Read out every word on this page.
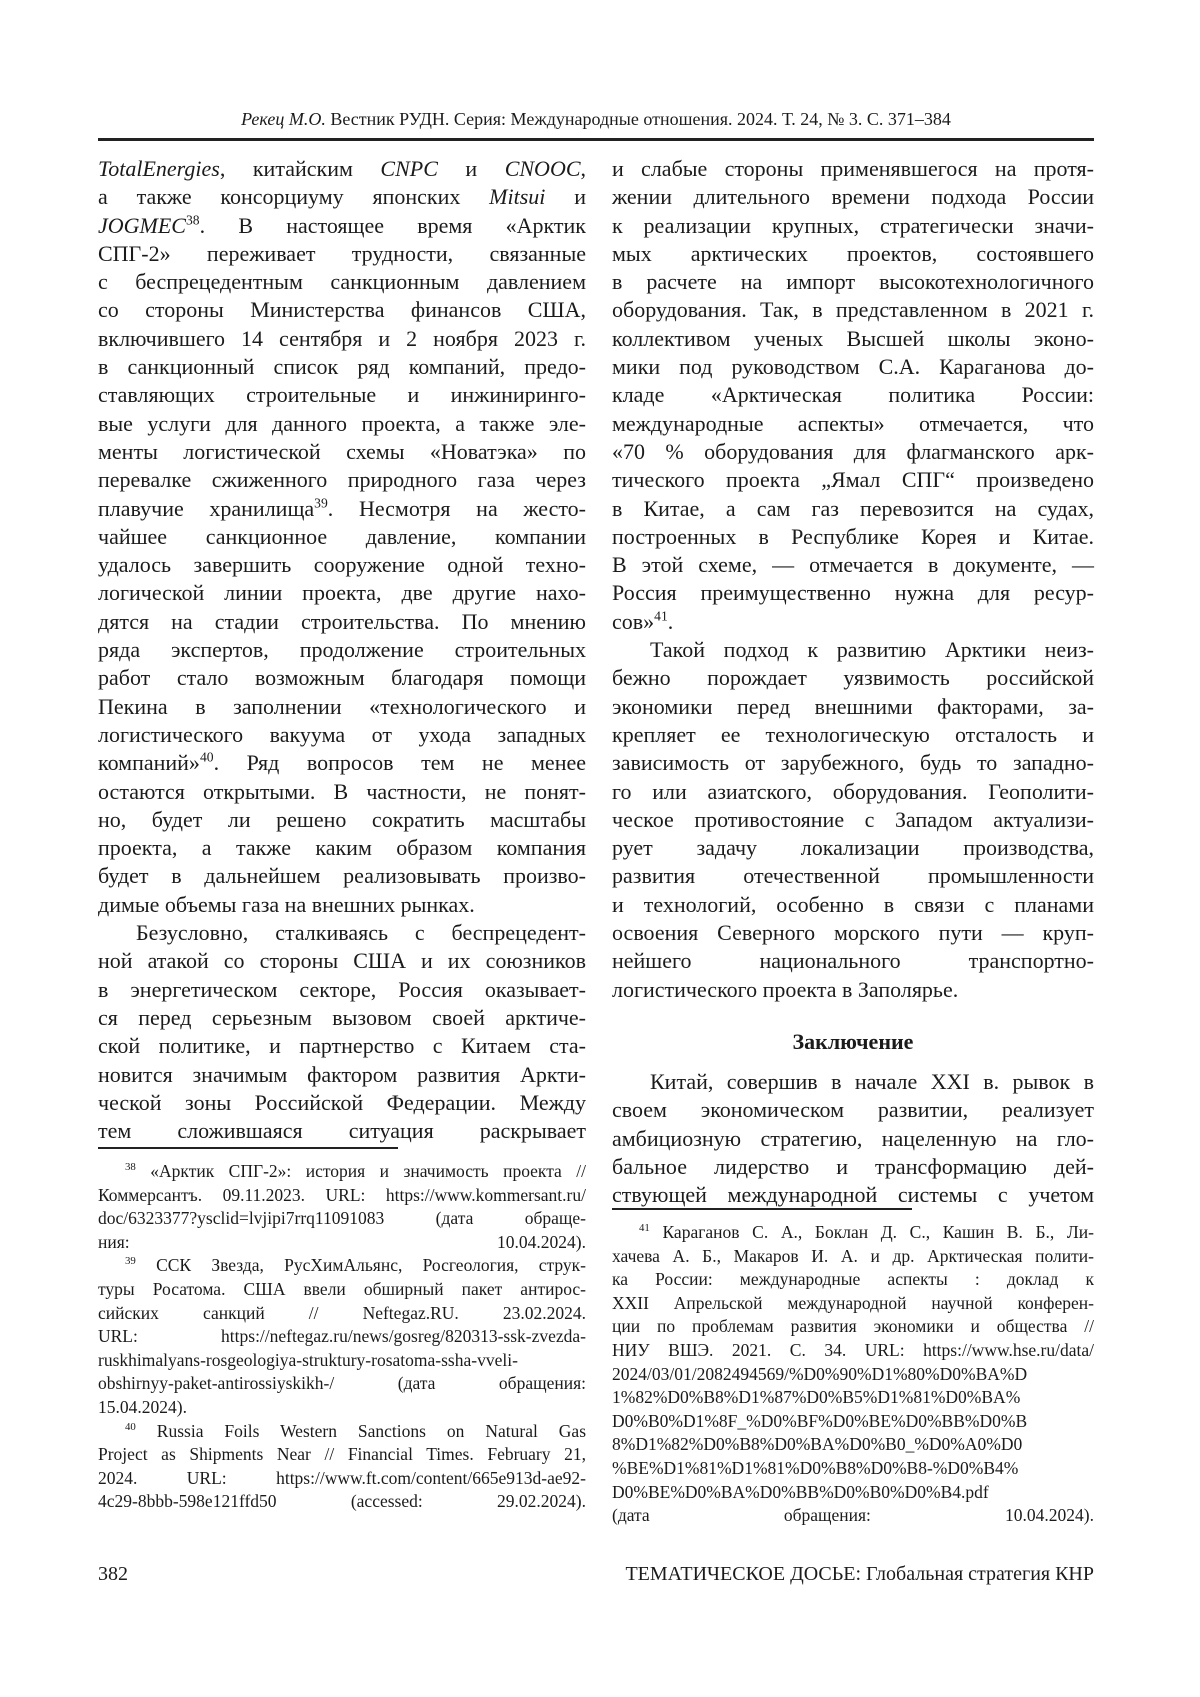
Рекец М.О. Вестник РУДН. Серия: Международные отношения. 2024. Т. 24, № 3. С. 371–384
TotalEnergies, китайским CNPC и CNOOC,
а также консорциуму японских Mitsui и
JOGMEC$^{38}$. В настоящее время «Арктик
СПГ-2» переживает трудности, связанные
с беспрецедентным санкционным давлением
со стороны Министерства финансов США,
включившего 14 сентября и 2 ноября 2023 г.
в санкционный список ряд компаний, предо-
ставляющих строительные и инжиниринго-
вые услуги для данного проекта, а также эле-
менты логистической схемы «Новатэка» по
перевалке сжиженного природного газа через
плавучие хранилища$^{39}$. Несмотря на жесто-
чайшее санкционное давление, компании
удалось завершить сооружение одной техно-
логической линии проекта, две другие нахо-
дятся на стадии строительства. По мнению
ряда экспертов, продолжение строительных
работ стало возможным благодаря помощи
Пекина в заполнении «технологического и
логистического вакуума от ухода западных
компаний»$^{40}$. Ряд вопросов тем не менее
остаются открытыми. В частности, не понят-
но, будет ли решено сократить масштабы
проекта, а также каким образом компания
будет в дальнейшем реализовывать произво-
димые объемы газа на внешних рынках.
Безусловно, сталкиваясь с беспрецедент-
ной атакой со стороны США и их союзников
в энергетическом секторе, Россия оказывает-
ся перед серьезным вызовом своей арктиче-
ской политике, и партнерство с Китаем ста-
новится значимым фактором развития Аркти-
ческой зоны Российской Федерации. Между
тем сложившаяся ситуация раскрывает
и слабые стороны применявшегося на протя-
жении длительного времени подхода России
к реализации крупных, стратегически значи-
мых арктических проектов, состоявшего
в расчете на импорт высокотехнологичного
оборудования. Так, в представленном в 2021 г.
коллективом ученых Высшей школы эконо-
мики под руководством С.А. Караганова до-
кладе «Арктическая политика России:
международные аспекты» отмечается, что
«70 % оборудования для флагманского арк-
тического проекта „Ямал СПГ“ произведено
в Китае, а сам газ перевозится на судах,
построенных в Республике Корея и Китае.
В этой схеме, — отмечается в документе, —
Россия преимущественно нужна для ресур-
сов»$^{41}$.
Такой подход к развитию Арктики неиз-
бежно порождает уязвимость российской
экономики перед внешними факторами, за-
крепляет ее технологическую отсталость и
зависимость от зарубежного, будь то западно-
го или азиатского, оборудования. Геополити-
ческое противостояние с Западом актуализи-
рует задачу локализации производства,
развития отечественной промышленности
и технологий, особенно в связи с планами
освоения Северного морского пути — круп-
нейшего национального транспортно-
логистического проекта в Заполярье.
Заключение
Китай, совершив в начале XXI в. рывок в
своем экономическом развитии, реализует
амбициозную стратегию, нацеленную на гло-
бальное лидерство и трансформацию дей-
ствующей международной системы с учетом
$^{38}$ «Арктик СПГ-2»: история и значимость проекта //
Коммерсантъ. 09.11.2023. URL: https://www.kommersant.ru/
doc/6323377?ysclid=lvjipi7rrq11091083 (дата обраще-
ния: 10.04.2024).
$^{39}$ ССК Звезда, РусХимАльянс, Росгеология, струк-
туры Росатома. США ввели обширный пакет антирос-
сийских санкций // Neftegaz.RU. 23.02.2024.
URL: https://neftegaz.ru/news/gosreg/820313-ssk-zvezda-
ruskhimalyans-rosgeologiya-struktury-rosatoma-ssha-vveli-
obshirnyy-paket-antirossiyskikh-/ (дата обращения:
15.04.2024).
$^{40}$ Russia Foils Western Sanctions on Natural Gas
Project as Shipments Near // Financial Times. February 21,
2024. URL: https://www.ft.com/content/665e913d-ae92-
4c29-8bbb-598e121ffd50 (accessed: 29.02.2024).
$^{41}$ Караганов С. А., Боклан Д. С., Кашин В. Б., Ли-
хачева А. Б., Макаров И. А. и др. Арктическая полити-
ка России: международные аспекты : доклад к
XXII Апрельской международной научной конферен-
ции по проблемам развития экономики и общества //
НИУ ВШЭ. 2021. С. 34. URL: https://www.hse.ru/data/
2024/03/01/2082494569/%D0%90%D1%80%D0%BA%D
1%82%D0%B8%D1%87%D0%B5%D1%81%D0%BA%
D0%B0%D1%8F_%D0%BF%D0%BE%D0%BB%D0%B
8%D1%82%D0%B8%D0%BA%D0%B0_%D0%A0%D0
%BE%D1%81%D1%81%D0%B8%D0%B8-%D0%B4%
D0%BE%D0%BA%D0%BB%D0%B0%D0%B4.pdf
(дата обращения: 10.04.2024).
382	ТЕМАТИЧЕСКОЕ ДОСЬЕ: Глобальная стратегия КНР
